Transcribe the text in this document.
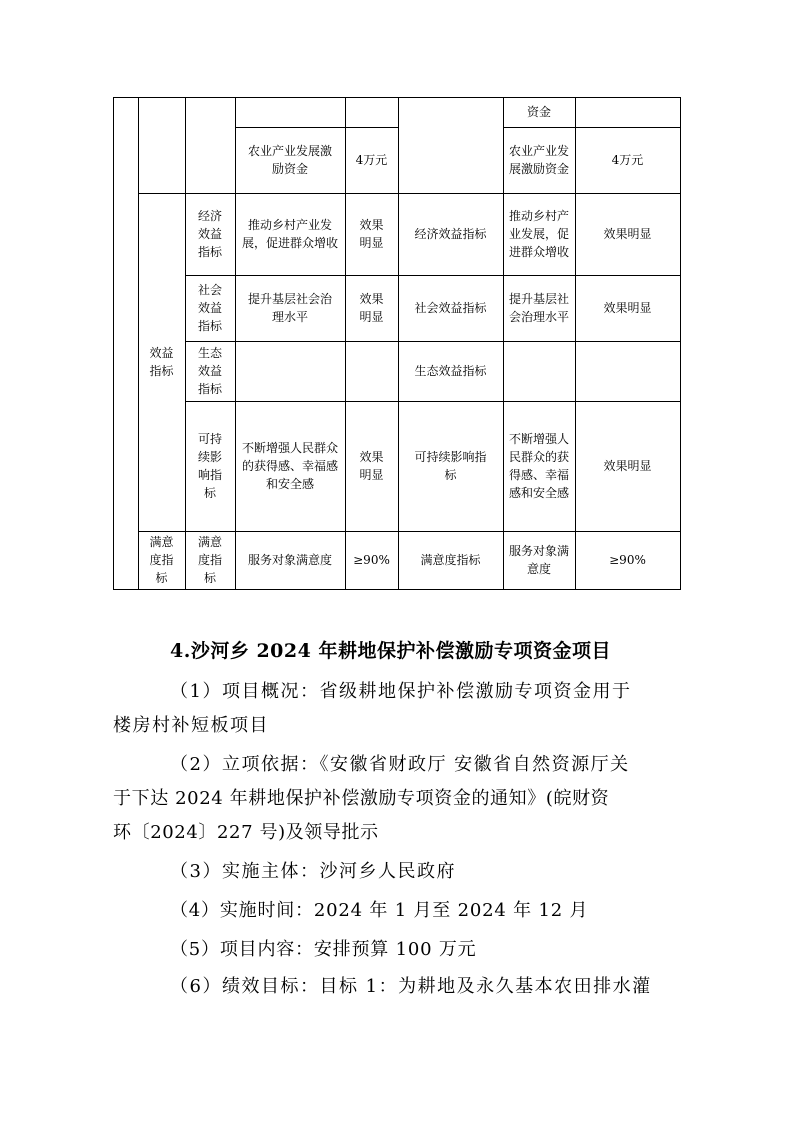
资金
农业产业发展激励资金
4万元
农业产业发展激励资金
4万元
效益指标
经济效益指标
推动乡村产业发展，促进群众增收
效果明显
经济效益指标
推动乡村产业发展，促进群众增收
效果明显
社会效益指标
提升基层社会治理水平
效果明显
社会效益指标
提升基层社会治理水平
效果明显
生态效益指标
生态效益指标
可持续影响指标
不断增强人民群众的获得感、幸福感和安全感
效果明显
可持续影响指标
不断增强人民群众的获得感、幸福感和安全感
效果明显
满意度指标
满意度指标
服务对象满意度	≥90%	满意度指标
服务对象满意度
≥90%
4.沙河乡 2024 年耕地保护补偿激励专项资金项目
（1）项目概况：省级耕地保护补偿激励专项资金用于
楼房村补短板项目
（2）立项依据：《安徽省财政厅 安徽省自然资源厅关
于下达 2024 年耕地保护补偿激励专项资金的通知》(皖财资
环〔2024〕227 号)及领导批示
（3）实施主体：沙河乡人民政府
（4）实施时间：2024 年 1 月至 2024 年 12 月
（5）项目内容：安排预算 100 万元
（6）绩效目标：目标 1：为耕地及永久基本农田排水灌
